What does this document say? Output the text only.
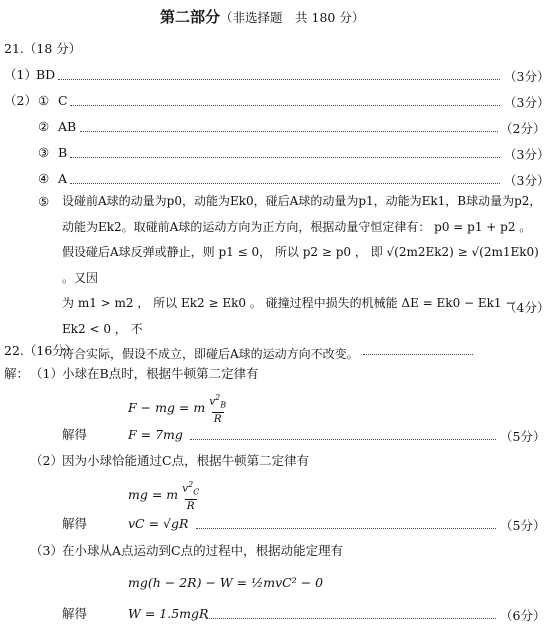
第二部分（非选择题　共 180 分）
21.（18 分）
（1） BD	（3分）
（2） ① C	（3分）
② AB	（2分）
③ B	（3分）
④ A	（3分）
⑤ 设碰前A球的动量为p0，动能为Ek0，碰后A球的动量为p1，动能为Ek1，B球动量为p2，
动能为Ek2。取碰前A球的运动方向为正方向，根据动量守恒定律有： p0 = p1 + p2 。
假设碰后A球反弹或静止，则 p1 ≤ 0， 所以 p2 ≥ p0 ， 即 √(2m2Ek2) ≥ √(2m1Ek0) 。又因
为 m1 > m2 ， 所以 Ek2 ≥ Ek0 。 碰撞过程中损失的机械能 ΔE = Ek0 − Ek1 − Ek2 < 0 ， 不
符合实际，假设不成立，即碰后A球的运动方向不改变。
（4分）
22.（16分）
解： （1） 小球在B点时，根据牛顿第二定律有
F − mg = m $\frac{v^2_B}{R}$
解得	F = 7mg	（5分）
（2） 因为小球恰能通过C点，根据牛顿第二定律有
mg = m $\frac{v^2_C}{R}$
解得	vC = √gR	（5分）
（3） 在小球从A点运动到C点的过程中，根据动能定理有
mg(h − 2R) − W = ½mvC² − 0
解得	W = 1.5mgR	（6分）
